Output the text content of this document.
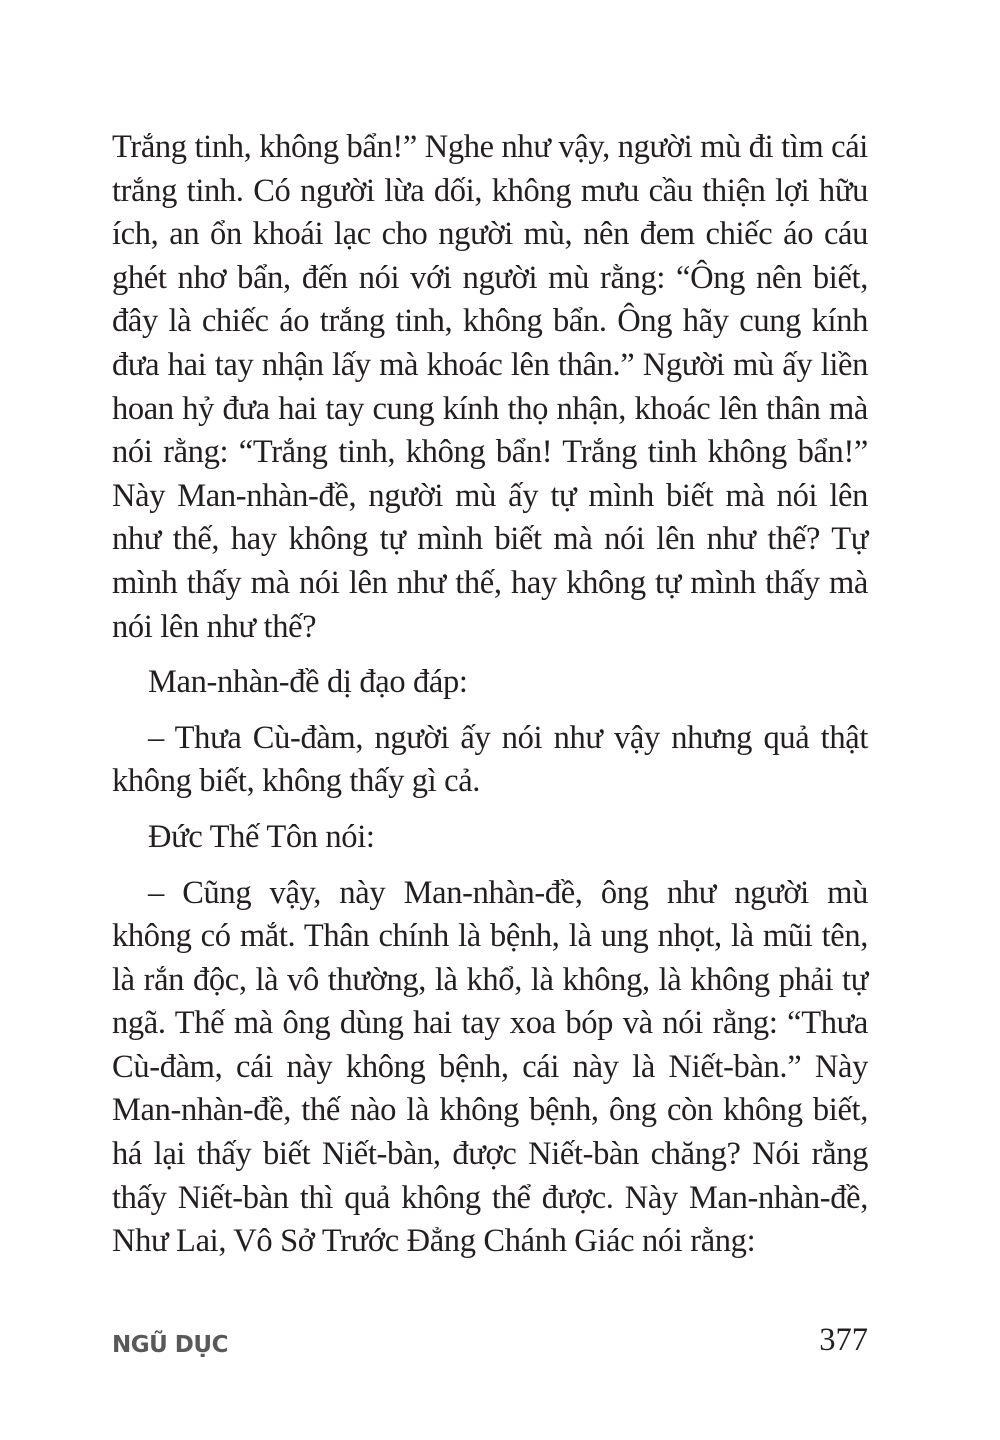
Trắng tinh, không bẩn!” Nghe như vậy, người mù đi tìm cái trắng tinh. Có người lừa dối, không mưu cầu thiện lợi hữu ích, an ổn khoái lạc cho người mù, nên đem chiếc áo cáu ghét nhơ bẩn, đến nói với người mù rằng: “Ông nên biết, đây là chiếc áo trắng tinh, không bẩn. Ông hãy cung kính đưa hai tay nhận lấy mà khoác lên thân.” Người mù ấy liền hoan hỷ đưa hai tay cung kính thọ nhận, khoác lên thân mà nói rằng: “Trắng tinh, không bẩn! Trắng tinh không bẩn!” Này Man-nhàn-đề, người mù ấy tự mình biết mà nói lên như thế, hay không tự mình biết mà nói lên như thế? Tự mình thấy mà nói lên như thế, hay không tự mình thấy mà nói lên như thế?

Man-nhàn-đề dị đạo đáp:

– Thưa Cù-đàm, người ấy nói như vậy nhưng quả thật không biết, không thấy gì cả.

Đức Thế Tôn nói:

– Cũng vậy, này Man-nhàn-đề, ông như người mù không có mắt. Thân chính là bệnh, là ung nhọt, là mũi tên, là rắn độc, là vô thường, là khổ, là không, là không phải tự ngã. Thế mà ông dùng hai tay xoa bóp và nói rằng: “Thưa Cù-đàm, cái này không bệnh, cái này là Niết-bàn.” Này Man-nhàn-đề, thế nào là không bệnh, ông còn không biết, há lại thấy biết Niết-bàn, được Niết-bàn chăng? Nói rằng thấy Niết-bàn thì quả không thể được. Này Man-nhàn-đề, Như Lai, Vô Sở Trước Đẳng Chánh Giác nói rằng:

NGŨ DỤC	377
